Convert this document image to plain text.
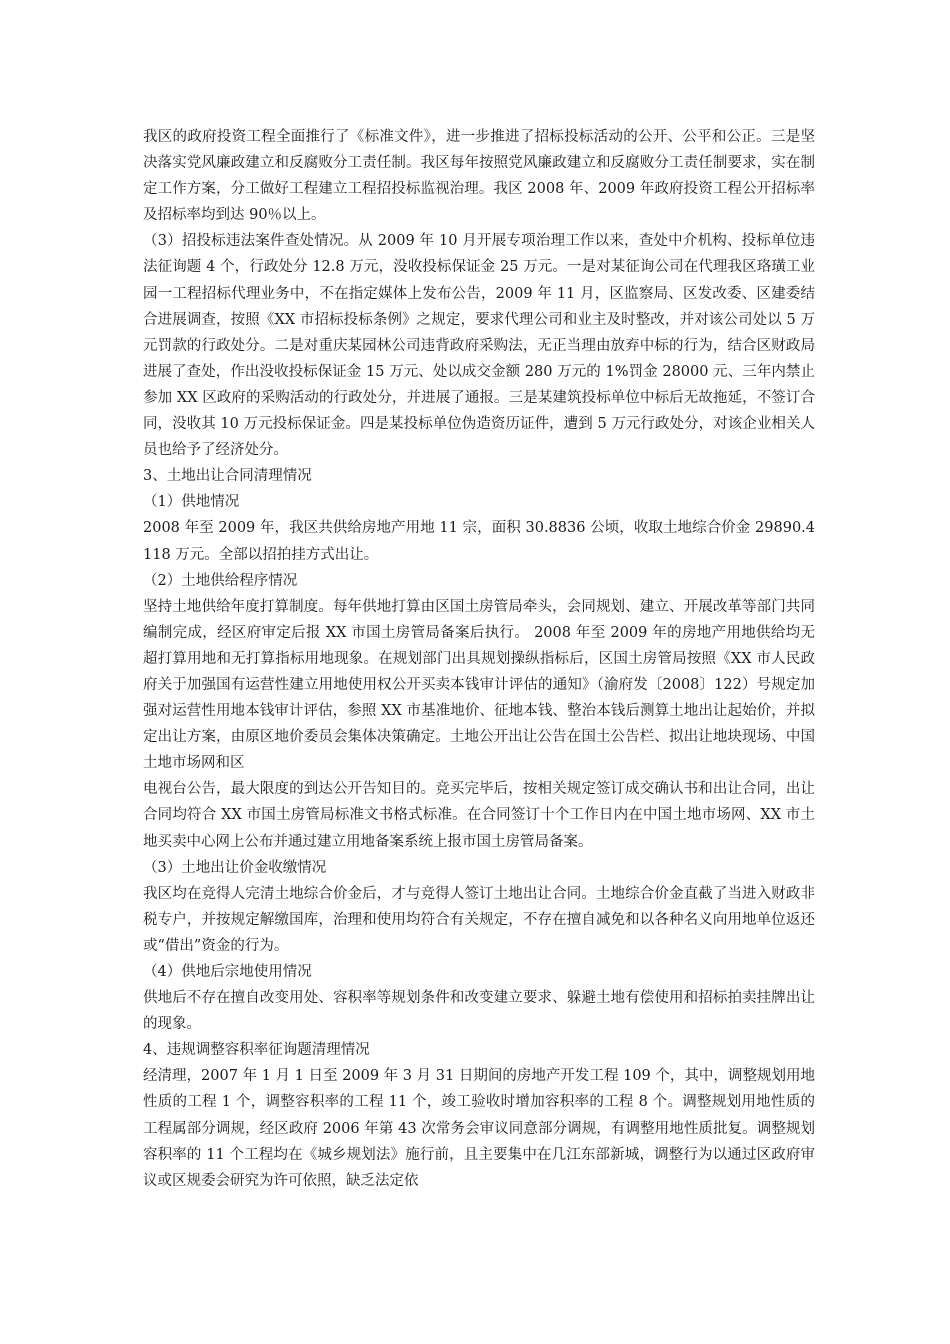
我区的政府投资工程全面推行了《标准文件》，进一步推进了招标投标活动的公开、公平和公正。三是坚决落实党风廉政建立和反腐败分工责任制。我区每年按照党风廉政建立和反腐败分工责任制要求，实在制定工作方案，分工做好工程建立工程招投标监视治理。我区 2008 年、2009 年政府投资工程公开招标率及招标率均到达 90％以上。

（3）招投标违法案件查处情况。从 2009 年 10 月开展专项治理工作以来，查处中介机构、投标单位违法征询题 4 个，行政处分 12.8 万元，没收投标保证金 25 万元。一是对某征询公司在代理我区珞璜工业园一工程招标代理业务中，不在指定媒体上发布公告，2009 年 11 月，区监察局、区发改委、区建委结合进展调查，按照《XX 市招标投标条例》之规定，要求代理公司和业主及时整改，并对该公司处以 5 万元罚款的行政处分。二是对重庆某园林公司违背政府采购法，无正当理由放弃中标的行为，结合区财政局进展了查处，作出没收投标保证金 15 万元、处以成交金额 280 万元的 1%罚金 28000 元、三年内禁止参加 XX 区政府的采购活动的行政处分，并进展了通报。三是某建筑投标单位中标后无故拖延，不签订合同，没收其 10 万元投标保证金。四是某投标单位伪造资历证件，遭到 5 万元行政处分，对该企业相关人员也给予了经济处分。

3、土地出让合同清理情况

（1）供地情况

2008 年至 2009 年，我区共供给房地产用地 11 宗，面积 30.8836 公顷，收取土地综合价金 29890.4118 万元。全部以招拍挂方式出让。

（2）土地供给程序情况

坚持土地供给年度打算制度。每年供地打算由区国土房管局牵头，会同规划、建立、开展改革等部门共同编制完成，经区府审定后报 XX 市国土房管局备案后执行。 2008 年至 2009 年的房地产用地供给均无超打算用地和无打算指标用地现象。在规划部门出具规划操纵指标后，区国土房管局按照《XX 市人民政府关于加强国有运营性建立用地使用权公开买卖本钱审计评估的通知》（渝府发〔2008〕122）号规定加强对运营性用地本钱审计评估，参照 XX 市基准地价、征地本钱、整治本钱后测算土地出让起始价，并拟定出让方案，由原区地价委员会集体决策确定。土地公开出让公告在国土公告栏、拟出让地块现场、中国土地市场网和区

电视台公告，最大限度的到达公开告知目的。竞买完毕后，按相关规定签订成交确认书和出让合同，出让合同均符合 XX 市国土房管局标准文书格式标准。在合同签订十个工作日内在中国土地市场网、XX 市土地买卖中心网上公布并通过建立用地备案系统上报市国土房管局备案。

（3）土地出让价金收缴情况

我区均在竞得人完清土地综合价金后，才与竞得人签订土地出让合同。土地综合价金直截了当进入财政非税专户，并按规定解缴国库，治理和使用均符合有关规定，不存在擅自减免和以各种名义向用地单位返还或“借出”资金的行为。

（4）供地后宗地使用情况

供地后不存在擅自改变用处、容积率等规划条件和改变建立要求、躲避土地有偿使用和招标拍卖挂牌出让的现象。

4、违规调整容积率征询题清理情况

经清理，2007 年 1 月 1 日至 2009 年 3 月 31 日期间的房地产开发工程 109 个，其中，调整规划用地性质的工程 1 个，调整容积率的工程 11 个，竣工验收时增加容积率的工程 8 个。调整规划用地性质的工程属部分调规，经区政府 2006 年第 43 次常务会审议同意部分调规，有调整用地性质批复。调整规划容积率的 11 个工程均在《城乡规划法》施行前，且主要集中在几江东部新城，调整行为以通过区政府审议或区规委会研究为许可依照，缺乏法定依
